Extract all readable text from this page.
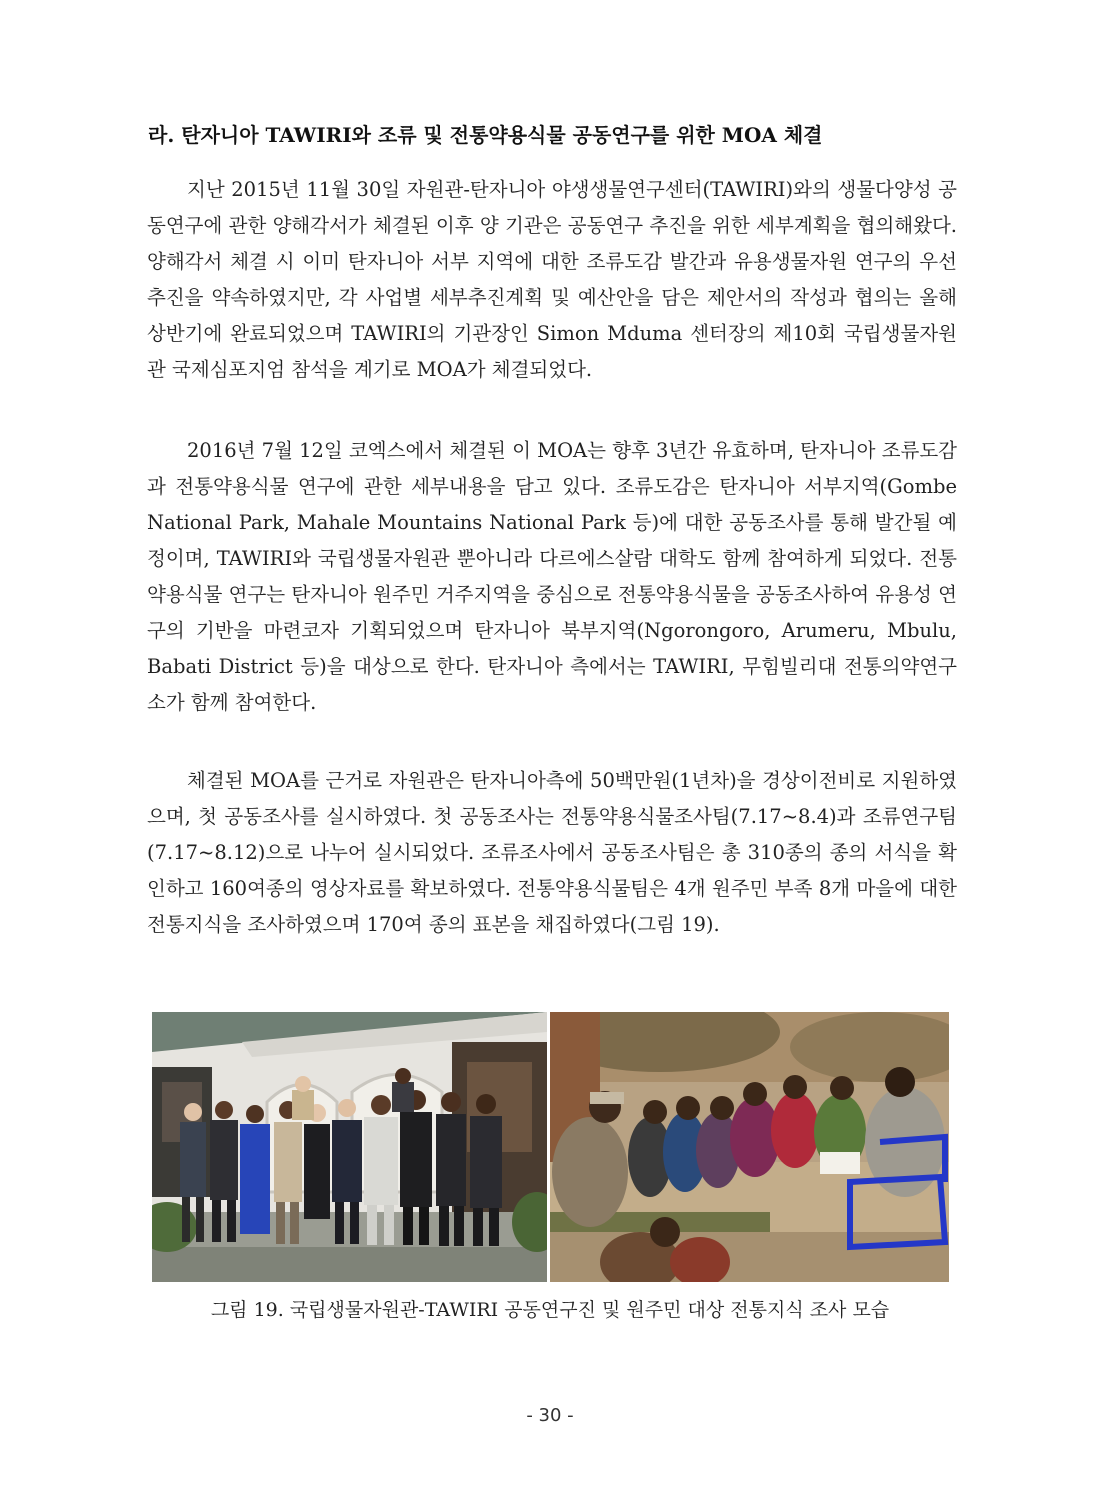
라. 탄자니아 TAWIRI와 조류 및 전통약용식물 공동연구를 위한 MOA 체결

지난 2015년 11월 30일 자원관-탄자니아 야생생물연구센터(TAWIRI)와의 생물다양성 공동연구에 관한 양해각서가 체결된 이후 양 기관은 공동연구 추진을 위한 세부계획을 협의해왔다. 양해각서 체결 시 이미 탄자니아 서부 지역에 대한 조류도감 발간과 유용생물자원 연구의 우선 추진을 약속하였지만, 각 사업별 세부추진계획 및 예산안을 담은 제안서의 작성과 협의는 올해 상반기에 완료되었으며 TAWIRI의 기관장인 Simon Mduma 센터장의 제10회 국립생물자원관 국제심포지엄 참석을 계기로 MOA가 체결되었다.

2016년 7월 12일 코엑스에서 체결된 이 MOA는 향후 3년간 유효하며, 탄자니아 조류도감과 전통약용식물 연구에 관한 세부내용을 담고 있다. 조류도감은 탄자니아 서부지역(Gombe National Park, Mahale Mountains National Park 등)에 대한 공동조사를 통해 발간될 예정이며, TAWIRI와 국립생물자원관 뿐아니라 다르에스살람 대학도 함께 참여하게 되었다. 전통약용식물 연구는 탄자니아 원주민 거주지역을 중심으로 전통약용식물을 공동조사하여 유용성 연구의 기반을 마련코자 기획되었으며 탄자니아 북부지역(Ngorongoro, Arumeru, Mbulu, Babati District 등)을 대상으로 한다. 탄자니아 측에서는 TAWIRI, 무힘빌리대 전통의약연구소가 함께 참여한다.

체결된 MOA를 근거로 자원관은 탄자니아측에 50백만원(1년차)을 경상이전비로 지원하였으며, 첫 공동조사를 실시하였다. 첫 공동조사는 전통약용식물조사팀(7.17~8.4)과 조류연구팀(7.17~8.12)으로 나누어 실시되었다. 조류조사에서 공동조사팀은 총 310종의 종의 서식을 확인하고 160여종의 영상자료를 확보하였다. 전통약용식물팀은 4개 원주민 부족 8개 마을에 대한 전통지식을 조사하였으며 170여 종의 표본을 채집하였다(그림 19).

그림 19. 국립생물자원관-TAWIRI 공동연구진 및 원주민 대상 전통지식 조사 모습
- 30 -
